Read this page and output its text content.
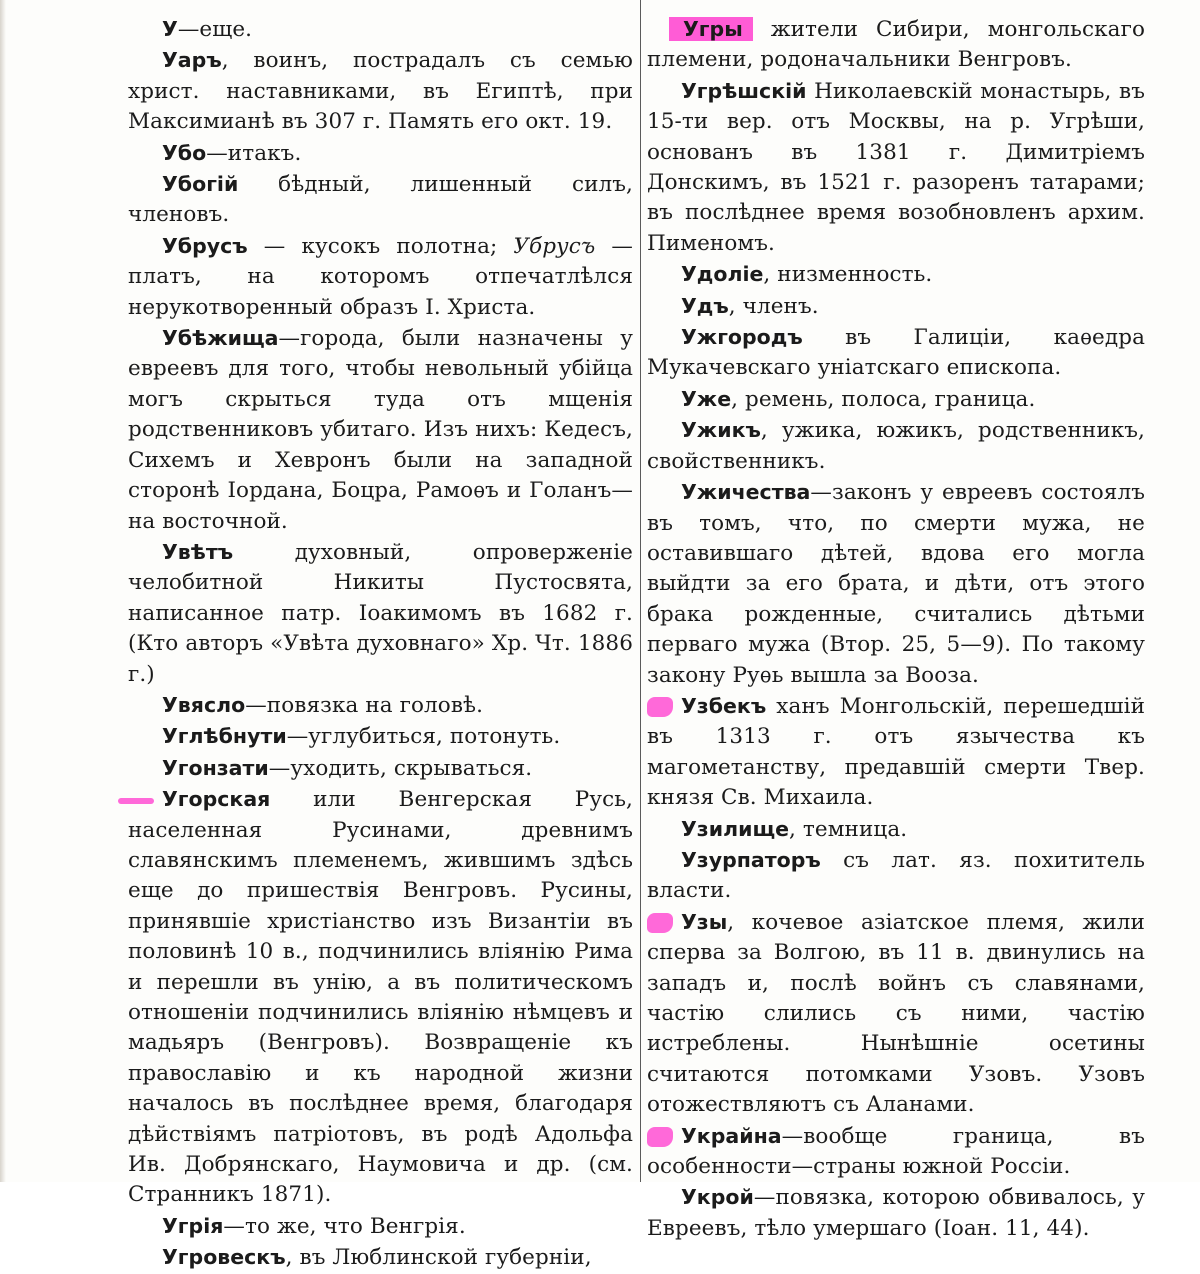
У—еще.

Уаръ, воинъ, пострадалъ съ семью христ. наставниками, въ Египтѣ, при Максимианѣ въ 307 г. Память его окт. 19.

Убо—итакъ.

Убогій бѣдный, лишенный силъ, членовъ.

Убрусъ — кусокъ полотна; Убрусъ — платъ, на которомъ отпечатлѣлся нерукотворенный образъ І. Христа.

Убѣжища—города, были назначены у евреевъ для того, чтобы невольный убійца могъ скрыться туда отъ мщенія родственниковъ убитаго. Изъ нихъ: Кедесъ, Сихемъ и Хевронъ были на западной сторонѣ Іордана, Боцра, Рамоѳъ и Голанъ—на восточной.

Увѣтъ духовный, опроверженіе челобитной Никиты Пустосвята, написанное патр. Іоакимомъ въ 1682 г. (Кто авторъ «Увѣта духовнаго» Хр. Чт. 1886 г.)

Увясло—повязка на головѣ.

Углѣбнути—углубиться, потонуть.

Угонзати—уходить, скрываться.

Угорская или Венгерская Русь, населенная Русинами, древнимъ славянскимъ племенемъ, жившимъ здѣсь еще до пришествія Венгровъ. Русины, принявшіе христіанство изъ Византіи въ половинѣ 10 в., подчинились вліянію Рима и перешли въ унію, а въ политическомъ отношеніи подчинились вліянію нѣмцевъ и мадьяръ (Венгровъ). Возвращеніе къ православію и къ народной жизни началось въ послѣднее время, благодаря дѣйствіямъ патріотовъ, въ родѣ Адольфа Ив. Добрянскаго, Наумовича и др. (см. Странникъ 1871).

Угрія—то же, что Венгрія.

Угровескъ, въ Люблинской губерніи,

Угры жители Сибири, монгольскаго племени, родоначальники Венгровъ.

Угрѣшскій Николаевскій монастырь, въ 15-ти вер. отъ Москвы, на р. Угрѣши, основанъ въ 1381 г. Димитріемъ Донскимъ, въ 1521 г. разоренъ татарами; въ послѣднее время возобновленъ архим. Пименомъ.

Удоліе, низменность.

Удъ, членъ.

Ужгородъ въ Галиціи, каѳедра Мукачевскаго уніатскаго епископа.

Уже, ремень, полоса, граница.

Ужикъ, ужика, южикъ, родственникъ, свойственникъ.

Ужичества—законъ у евреевъ состоялъ въ томъ, что, по смерти мужа, не оставившаго дѣтей, вдова его могла выйдти за его брата, и дѣти, отъ этого брака рожденные, считались дѣтьми перваго мужа (Втор. 25, 5—9). По такому закону Руѳь вышла за Вооза.

Узбекъ ханъ Монгольскій, перешедшій въ 1313 г. отъ язычества къ магометанству, предавшій смерти Твер. князя Св. Михаила.

Узилище, темница.

Узурпаторъ съ лат. яз. похититель власти.

Узы, кочевое азіатское племя, жили сперва за Волгою, въ 11 в. двинулись на западъ и, послѣ войнъ съ славянами, частію слились съ ними, частію истреблены. Нынѣшніе осетины считаются потомками Узовъ. Узовъ отожествляютъ съ Аланами.

Украйна—вообще граница, въ особенности—страны южной Россіи.

Укрой—повязка, которою обвивалось, у Евреевъ, тѣло умершаго (Іоан. 11, 44).
